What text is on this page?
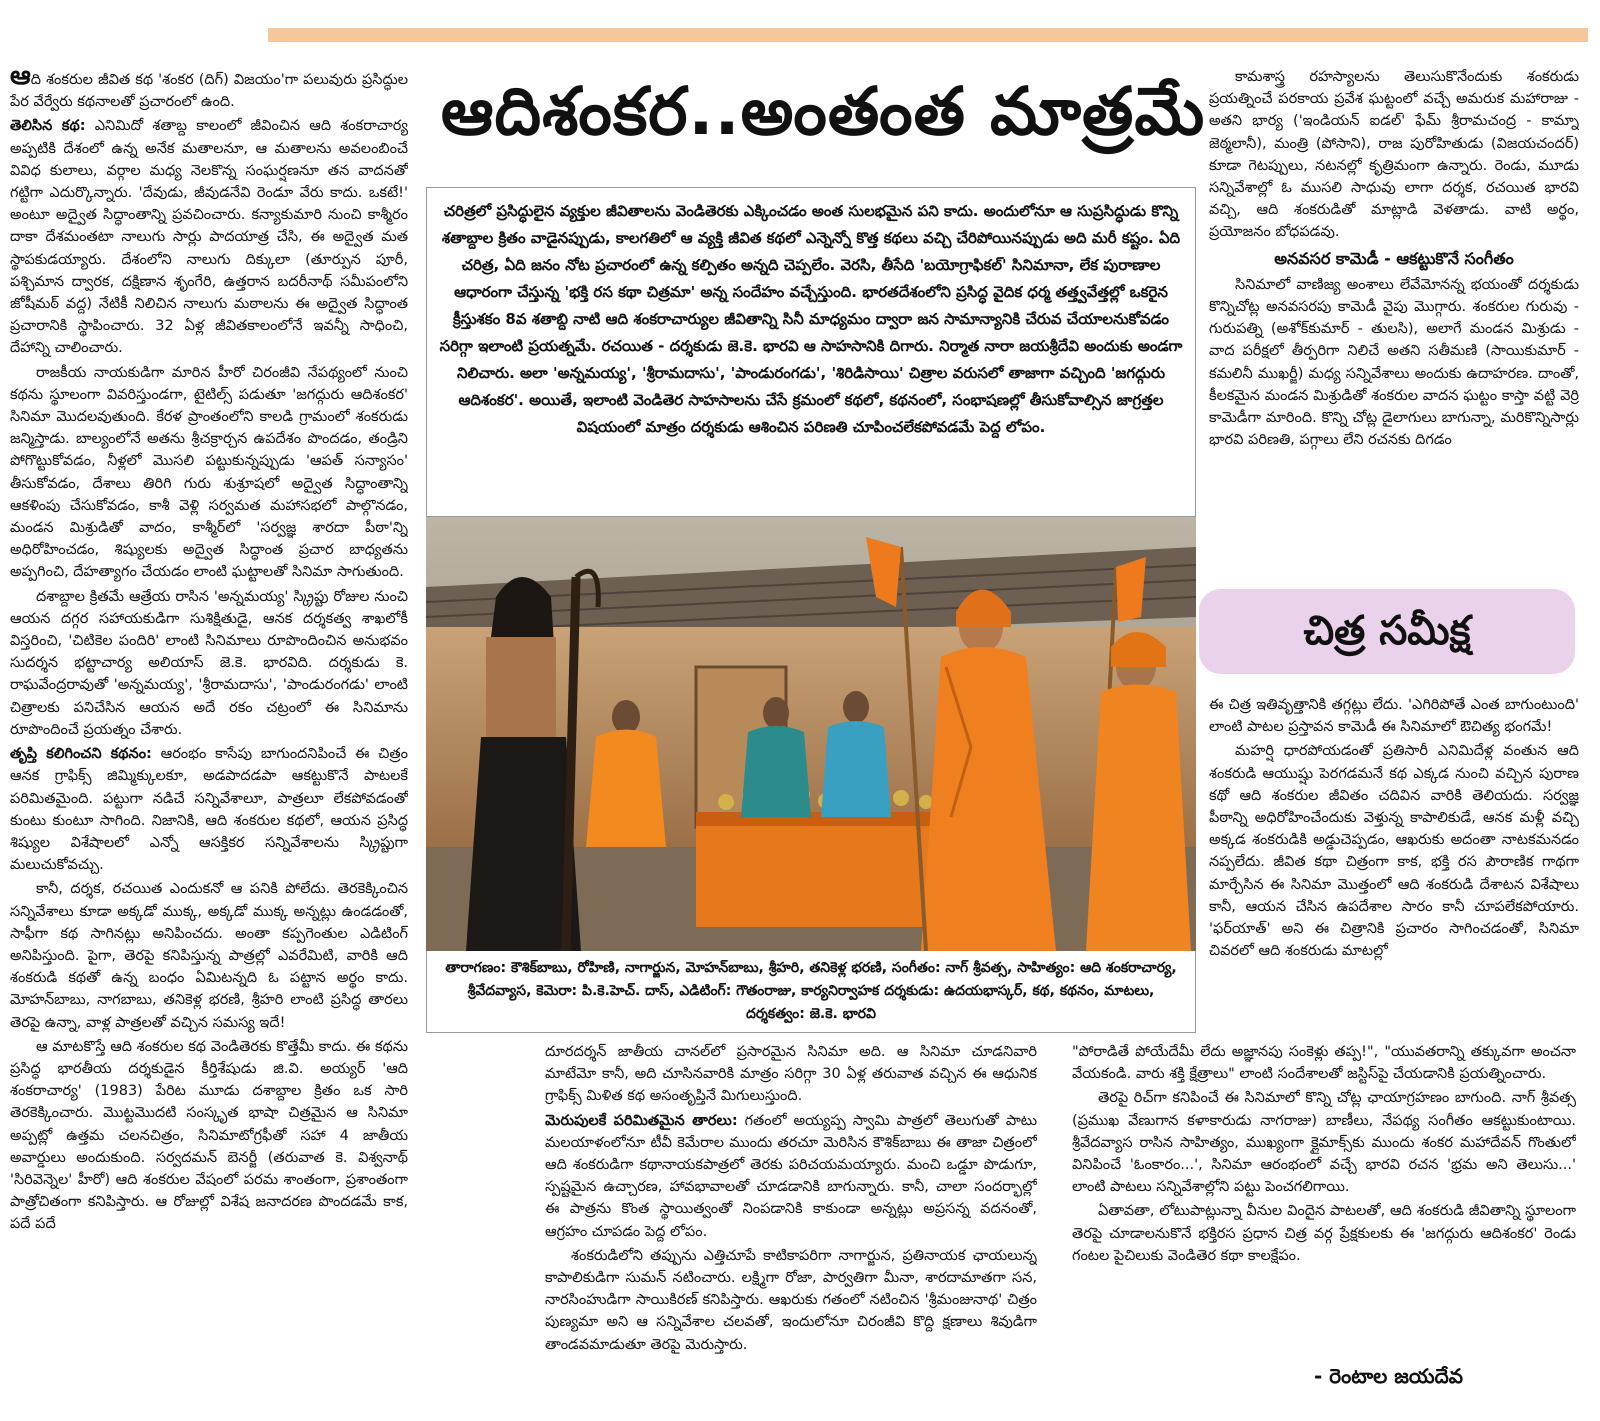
ఆది శంకరుల జీవిత కథ 'శంకర (దిగ్) విజయం'గా పలువురు ప్రసిద్ధుల పేర వేర్వేరు కథనాలతో ప్రచారంలో ఉంది.

తెలిసిన కథ: ఎనిమిదో శతాబ్ద కాలంలో జీవించిన ఆది శంకరాచార్య అప్పటికి దేశంలో ఉన్న అనేక మతాలనూ, ఆ మతాలను అవలంబించే వివిధ కులాలు, వర్గాల మధ్య నెలకొన్న సంఘర్షణనూ తన వాదనతో గట్టిగా ఎదుర్కొన్నారు. 'దేవుడు, జీవుడనేవి రెండూ వేరు కాదు. ఒకటే!' అంటూ అద్వైత సిద్ధాంతాన్ని ప్రవచించారు. కన్యాకుమారి నుంచి కాశ్మీరం దాకా దేశమంతటా నాలుగు సార్లు పాదయాత్ర చేసి, ఈ అద్వైత మత స్థాపకుడయ్యారు. దేశంలోని నాలుగు దిక్కులా (తూర్పున పూరీ, పశ్చిమాన ద్వారక, దక్షిణాన శృంగేరి, ఉత్తరాన బదరీనాథ్ సమీపంలోని జోషీమఠ్ వద్ద) నేటికీ నిలిచిన నాలుగు మఠాలను ఈ అద్వైత సిద్ధాంత ప్రచారానికి స్థాపించారు. 32 ఏళ్ల జీవితకాలంలోనే ఇవన్నీ సాధించి, దేహాన్ని చాలించారు.

రాజకీయ నాయకుడిగా మారిన హీరో చిరంజీవి నేపథ్యంలో నుంచి కథను స్థూలంగా వివరిస్తుండగా, టైటిల్స్ పడుతూ 'జగద్గురు ఆదిశంకర' సినిమా మొదలవుతుంది. కేరళ ప్రాంతంలోని కాలడి గ్రామంలో శంకరుడు జన్మిస్తాడు. బాల్యంలోనే అతను శ్రీచక్రార్చన ఉపదేశం పొందడం, తండ్రిని పోగొట్టుకోవడం, నీళ్లలో మొసలి పట్టుకున్నప్పుడు 'ఆపత్ సన్యాసం' తీసుకోవడం, దేశాలు తిరిగి గురు శుశ్రూషలో అద్వైత సిద్ధాంతాన్ని ఆకళింపు చేసుకోవడం, కాశీ వెళ్లి సర్వమత మహాసభలో పాల్గొనడం, మండన మిశ్రుడితో వాదం, కాశ్మీర్‌లో 'సర్వజ్ఞ శారదా పీఠా'న్ని అధిరోహించడం, శిష్యులకు అద్వైత సిద్ధాంత ప్రచార బాధ్యతను అప్పగించి, దేహత్యాగం చేయడం లాంటి ఘట్టాలతో సినిమా సాగుతుంది.

దశాబ్దాల క్రితమే ఆత్రేయ రాసిన 'అన్నమయ్య' స్క్రిప్టు రోజుల నుంచి ఆయన దగ్గర సహాయకుడిగా సుశిక్షితుడై, ఆనక దర్శకత్వ శాఖలోకీ విస్తరించి, 'చిటికెల పందిరి' లాంటి సినిమాలు రూపొందించిన అనుభవం సుదర్శన భట్టాచార్య అలియాస్ జె.కె. భారవిది. దర్శకుడు కె. రాఘవేంద్రరావుతో 'అన్నమయ్య', 'శ్రీరామదాసు', 'పాండురంగడు' లాంటి చిత్రాలకు పనిచేసిన ఆయన అదే రకం చట్రంలో ఈ సినిమాను రూపొందించే ప్రయత్నం చేశారు.

తృప్తి కలిగించని కథనం: ఆరంభం కాసేపు బాగుందనిపించే ఈ చిత్రం ఆనక గ్రాఫిక్స్ జిమ్మిక్కులకూ, అడపాదడపా ఆకట్టుకొనే పాటలకే పరిమితమైంది. పట్టుగా నడిచే సన్నివేశాలూ, పాత్రలూ లేకపోవడంతో కుంటు కుంటూ సాగింది. నిజానికి, ఆది శంకరుల కథలో, ఆయన ప్రసిద్ధ శిష్యుల విశేషాలలో ఎన్నో ఆసక్తికర సన్నివేశాలను స్క్రిప్టుగా మలుచుకోవచ్చు.

కానీ, దర్శక, రచయిత ఎందుకనో ఆ పనికి పోలేదు. తెరకెక్కించిన సన్నివేశాలు కూడా అక్కడో ముక్క, అక్కడో ముక్క అన్నట్లు ఉండడంతో, సాఫీగా కథ సాగినట్లు అనిపించదు. అంతా కప్పగెంతుల ఎడిటింగ్ అనిపిస్తుంది. పైగా, తెరపై కనిపిస్తున్న పాత్రల్లో ఎవరేమిటి, వారికి ఆది శంకరుడి కథతో ఉన్న బంధం ఏమిటన్నది ఓ పట్టాన అర్థం కాదు. మోహన్‌బాబు, నాగబాబు, తనికెళ్ల భరణి, శ్రీహరి లాంటి ప్రసిద్ధ తారలు తెరపై ఉన్నా, వాళ్ల పాత్రలతో వచ్చిన సమస్య ఇదే!

ఆ మాటకొస్తే ఆది శంకరుల కథ వెండితెరకు కొత్తేమీ కాదు. ఈ కథను ప్రసిద్ధ భారతీయ దర్శకుడైన కీర్తిశేషుడు జి.వి. అయ్యర్ 'ఆది శంకరాచార్య' (1983) పేరిట మూడు దశాబ్దాల క్రితం ఒక సారి తెరకెక్కించారు. మొట్టమొదటి సంస్కృత భాషా చిత్రమైన ఆ సినిమా అప్పట్లో ఉత్తమ చలనచిత్రం, సినిమాటోగ్రఫీతో సహా 4 జాతీయ అవార్డులు అందుకుంది. సర్వదమన్ బెనర్జీ (తరువాత కె. విశ్వనాథ్ 'సిరివెన్నెల' హీరో) ఆది శంకరుల వేషంలో పరమ శాంతంగా, ప్రశాంతంగా పాత్రోచితంగా కనిపిస్తారు. ఆ రోజుల్లో విశేష జనాదరణ పొందడమే కాక, పదే పదే

ఆదిశంకర..అంతంత మాత్రమే
చరిత్రలో ప్రసిద్ధులైన వ్యక్తుల జీవితాలను వెండితెరకు ఎక్కించడం అంత సులభమైన పని కాదు. అందులోనూ ఆ సుప్రసిద్ధుడు కొన్ని శతాబ్దాల క్రితం వాడైనప్పుడు, కాలగతిలో ఆ వ్యక్తి జీవిత కథలో ఎన్నెన్నో కొత్త కథలు వచ్చి చేరిపోయినప్పుడు అది మరీ కష్టం. ఏది చరిత్ర, ఏది జనం నోట ప్రచారంలో ఉన్న కల్పితం అన్నది చెప్పలేం. వెరసి, తీసేది 'బయోగ్రాఫికల్' సినిమానా, లేక పురాణాల ఆధారంగా చేస్తున్న 'భక్తి రస కథా చిత్రమా' అన్న సందేహం వచ్చేస్తుంది. భారతదేశంలోని ప్రసిద్ధ వైదిక ధర్మ తత్త్వవేత్తల్లో ఒకరైన క్రీస్తుశకం 8వ శతాబ్ది నాటి ఆది శంకరాచార్యుల జీవితాన్ని సినీ మాధ్యమం ద్వారా జన సామాన్యానికి చేరువ చేయాలనుకోవడం సరిగ్గా ఇలాంటి ప్రయత్నమే. రచయిత - దర్శకుడు జె.కె. భారవి ఆ సాహసానికి దిగారు. నిర్మాత నారా జయశ్రీదేవి అందుకు అండగా నిలిచారు. అలా 'అన్నమయ్య', 'శ్రీరామదాసు', 'పాండురంగడు', 'శిరిడిసాయి' చిత్రాల వరుసలో తాజాగా వచ్చింది 'జగద్గురు ఆదిశంకర'. అయితే, ఇలాంటి వెండితెర సాహసాలను చేసే క్రమంలో కథలో, కథనంలో, సంభాషణల్లో తీసుకోవాల్సిన జాగ్రత్తల విషయంలో మాత్రం దర్శకుడు ఆశించిన పరిణతి చూపించలేకపోవడమే పెద్ద లోపం.
తారాగణం: కౌశిక్‌బాబు, రోహిణి, నాగార్జున, మోహన్‌బాబు, శ్రీహరి, తనికెళ్ల భరణి, సంగీతం: నాగ్ శ్రీవత్స, సాహిత్యం: ఆది శంకరాచార్య, శ్రీవేదవ్యాస, కెమెరా: పి.కె.హెచ్. దాస్, ఎడిటింగ్: గౌతంరాజు, కార్యనిర్వాహక దర్శకుడు: ఉదయభాస్కర్, కథ, కథనం, మాటలు, దర్శకత్వం: జె.కె. భారవి

దూరదర్శన్ జాతీయ చానల్‌లో ప్రసారమైన సినిమా అది. ఆ సినిమా చూడనివారి మాటేమో కానీ, అది చూసినవారికి మాత్రం సరిగ్గా 30 ఏళ్ల తరువాత వచ్చిన ఈ ఆధునిక గ్రాఫిక్స్ మిళిత కథ అసంతృప్తినే మిగులుస్తుంది.

మెరుపులకే పరిమితమైన తారలు: గతంలో అయ్యప్ప స్వామి పాత్రలో తెలుగుతో పాటు మలయాళంలోనూ టీవీ కెమేరాల ముందు తరచూ మెరిసిన కౌశిక్‌బాబు ఈ తాజా చిత్రంలో ఆది శంకరుడిగా కథానాయకపాత్రలో తెరకు పరిచయమయ్యారు. మంచి ఒడ్డూ పొడుగూ, స్పష్టమైన ఉచ్చారణ, హావభావాలతో చూడడానికి బాగున్నారు. కానీ, చాలా సందర్భాల్లో ఈ పాత్రను కొంత స్థాయిత్వంతో నింపడానికి కాకుండా అన్నట్లు అప్రసన్న వదనంతో, ఆగ్రహం చూపడం పెద్ద లోపం.

శంకరుడిలోని తప్పును ఎత్తిచూపే కాటికాపరిగా నాగార్జున, ప్రతినాయక ఛాయలున్న కాపాలికుడిగా సుమన్ నటించారు. లక్ష్మిగా రోజా, పార్వతిగా మీనా, శారదామాతగా సన, నారసింహుడిగా సాయికిరణ్ కనిపిస్తారు. ఆఖరుకు గతంలో నటించిన 'శ్రీమంజునాథ' చిత్రం పుణ్యమా అని ఆ సన్నివేశాల చలవతో, ఇందులోనూ చిరంజీవి కొద్ది క్షణాలు శివుడిగా తాండవమాడుతూ తెరపై మెరుస్తారు.

"పోరాడితే పోయేదేమీ లేదు అజ్ఞానపు సంకెళ్లు తప్ప!", "యువతరాన్ని తక్కువగా అంచనా వేయకండి. వారు శక్తి క్షేత్రాలు" లాంటి సందేశాలతో జస్టిస్‌పై చేయడానికి ప్రయత్నించారు.

తెరపై రిచ్‌గా కనిపించే ఈ సినిమాలో కొన్ని చోట్ల ఛాయాగ్రహణం బాగుంది. నాగ్ శ్రీవత్స (ప్రముఖ వేణుగాన కళాకారుడు నాగరాజు) బాణీలు, నేపథ్య సంగీతం ఆకట్టుకుంటాయి. శ్రీవేదవ్యాస రాసిన సాహిత్యం, ముఖ్యంగా క్లైమాక్స్‌కు ముందు శంకర మహాదేవన్ గొంతులో వినిపించే 'ఓంకారం...', సినిమా ఆరంభంలో వచ్చే భారవి రచన 'భ్రమ అని తెలుసు...' లాంటి పాటలు సన్నివేశాల్లోని పట్టు పెంచగలిగాయి.

ఏతావతా, లోటుపాట్లున్నా వీనుల విందైన పాటలతో, ఆది శంకరుడి జీవితాన్ని స్థూలంగా తెరపై చూడాలనుకొనే భక్తిరస ప్రధాన చిత్ర వర్గ ప్రేక్షకులకు ఈ 'జగద్గురు ఆదిశంకర' రెండు గంటల పైచిలుకు వెండితెర కథా కాలక్షేపం.

కామశాస్త్ర రహస్యాలను తెలుసుకొనేందుకు శంకరుడు ప్రయత్నించే పరకాయ ప్రవేశ ఘట్టంలో వచ్చే అమరుక మహారాజు - అతని భార్య ('ఇండియన్ ఐడల్' ఫేమ్ శ్రీరామచంద్ర - కామ్నా జెఠ్మలానీ), మంత్రి (పోసాని), రాజ పురోహితుడు (విజయచందర్) కూడా గెటప్పులు, నటనల్లో కృత్రిమంగా ఉన్నారు. రెండు, మూడు సన్నివేశాల్లో ఓ ముసలి సాధువు లాగా దర్శక, రచయిత భారవి వచ్చి, ఆది శంకరుడితో మాట్లాడి వెళతాడు. వాటి అర్థం, ప్రయోజనం బోధపడవు.

అనవసర కామెడీ - ఆకట్టుకొనే సంగీతం

సినిమాలో వాణిజ్య అంశాలు లేవేమోనన్న భయంతో దర్శకుడు కొన్నిచోట్ల అనవసరపు కామెడీ వైపు మొగ్గారు. శంకరుల గురువు - గురుపత్ని (అశోక్‌కుమార్ - తులసి), అలాగే మండన మిశ్రుడు - వాద పరీక్షలో తీర్పరిగా నిలిచే అతని సతీమణి (సాయికుమార్ - కమలినీ ముఖర్జీ) మధ్య సన్నివేశాలు అందుకు ఉదాహరణ. దాంతో, కీలకమైన మండన మిశ్రుడితో శంకరుల వాదన ఘట్టం కాస్తా వట్టి వెర్రి కామెడీగా మారింది. కొన్ని చోట్ల డైలాగులు బాగున్నా, మరికొన్నిసార్లు భారవి పరిణతి, పగ్గాలు లేని రచనకు దిగడం

చిత్ర సమీక్ష

ఈ చిత్ర ఇతివృత్తానికి తగ్గట్లు లేదు. 'ఎగిరిపోతే ఎంత బాగుంటుంది' లాంటి పాటల ప్రస్తావన కామెడీ ఈ సినిమాలో ఔచిత్య భంగమే!

మహర్షి ధారపోయడంతో ప్రతిసారీ ఎనిమిదేళ్ల వంతున ఆది శంకరుడి ఆయుష్షు పెరగడమనే కథ ఎక్కడ నుంచి వచ్చిన పురాణ కథో ఆది శంకరుల జీవితం చదివిన వారికి తెలియదు. సర్వజ్ఞ పీఠాన్ని అధిరోహించేందుకు వెళ్తున్న కాపాలికుడే, ఆనక మళ్లీ వచ్చి అక్కడ శంకరుడికి అడ్డుచెప్పడం, ఆఖరుకు అదంతా నాటకమనడం నప్పలేదు. జీవిత కథా చిత్రంగా కాక, భక్తి రస పౌరాణిక గాథగా మార్చేసిన ఈ సినిమా మొత్తంలో ఆది శంకరుడి దేశాటన విశేషాలు కానీ, ఆయన చేసిన ఉపదేశాల సారం కానీ చూపలేకపోయారు. 'ఫర్‌యాత్' అని ఈ చిత్రానికి ప్రచారం సాగించడంతో, సినిమా చివరలో ఆది శంకరుడు మాటల్లో

- రెంటాల జయదేవ
